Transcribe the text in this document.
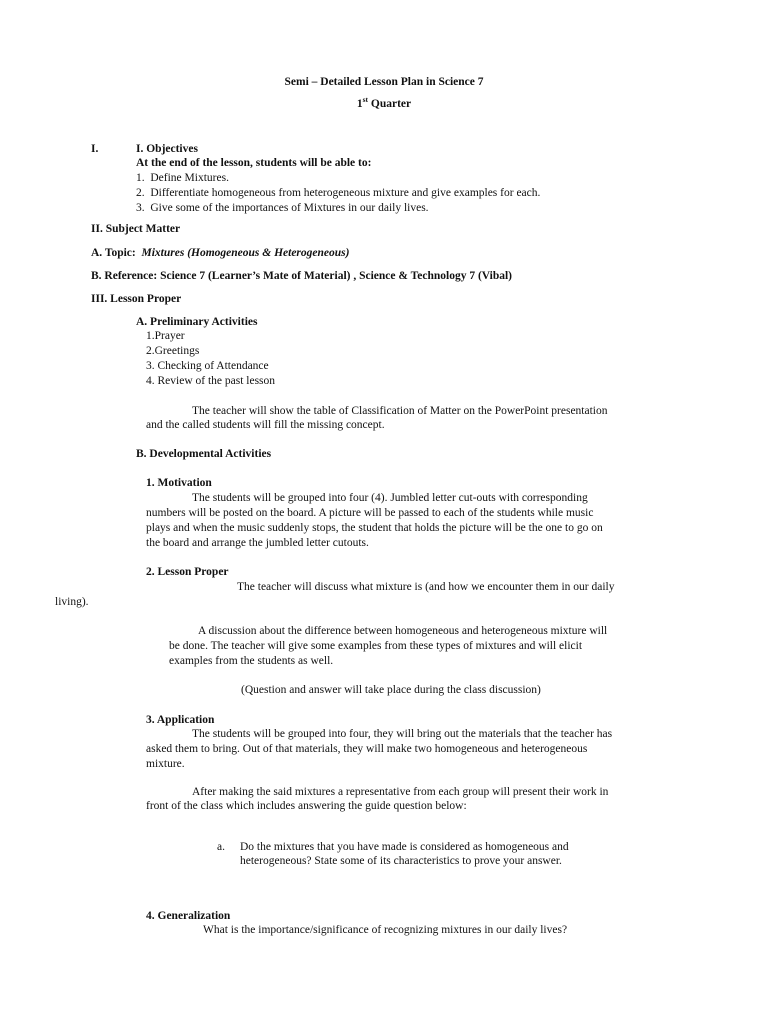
Semi – Detailed Lesson Plan in Science 7
1st Quarter
I.	I. Objectives
At the end of the lesson, students will be able to:
1. Define Mixtures.
2. Differentiate homogeneous from heterogeneous mixture and give examples for each.
3. Give some of the importances of Mixtures in our daily lives.
II. Subject Matter
A. Topic: Mixtures (Homogeneous & Heterogeneous)
B. Reference: Science 7 (Learner’s Mate of Material) , Science & Technology 7 (Vibal)
III. Lesson Proper
A. Preliminary Activities
1.Prayer
2.Greetings
3. Checking of Attendance
4. Review of the past lesson
The teacher will show the table of Classification of Matter on the PowerPoint presentation
and the called students will fill the missing concept.
B. Developmental Activities
1. Motivation
The students will be grouped into four (4). Jumbled letter cut-outs with corresponding
numbers will be posted on the board. A picture will be passed to each of the students while music
plays and when the music suddenly stops, the student that holds the picture will be the one to go on
the board and arrange the jumbled letter cutouts.
2. Lesson Proper
The teacher will discuss what mixture is (and how we encounter them in our daily
living).
A discussion about the difference between homogeneous and heterogeneous mixture will
be done. The teacher will give some examples from these types of mixtures and will elicit
examples from the students as well.
(Question and answer will take place during the class discussion)
3. Application
The students will be grouped into four, they will bring out the materials that the teacher has
asked them to bring. Out of that materials, they will make two homogeneous and heterogeneous
mixture.
After making the said mixtures a representative from each group will present their work in
front of the class which includes answering the guide question below:
a. Do the mixtures that you have made is considered as homogeneous and
heterogeneous? State some of its characteristics to prove your answer.
4. Generalization
What is the importance/significance of recognizing mixtures in our daily lives?
